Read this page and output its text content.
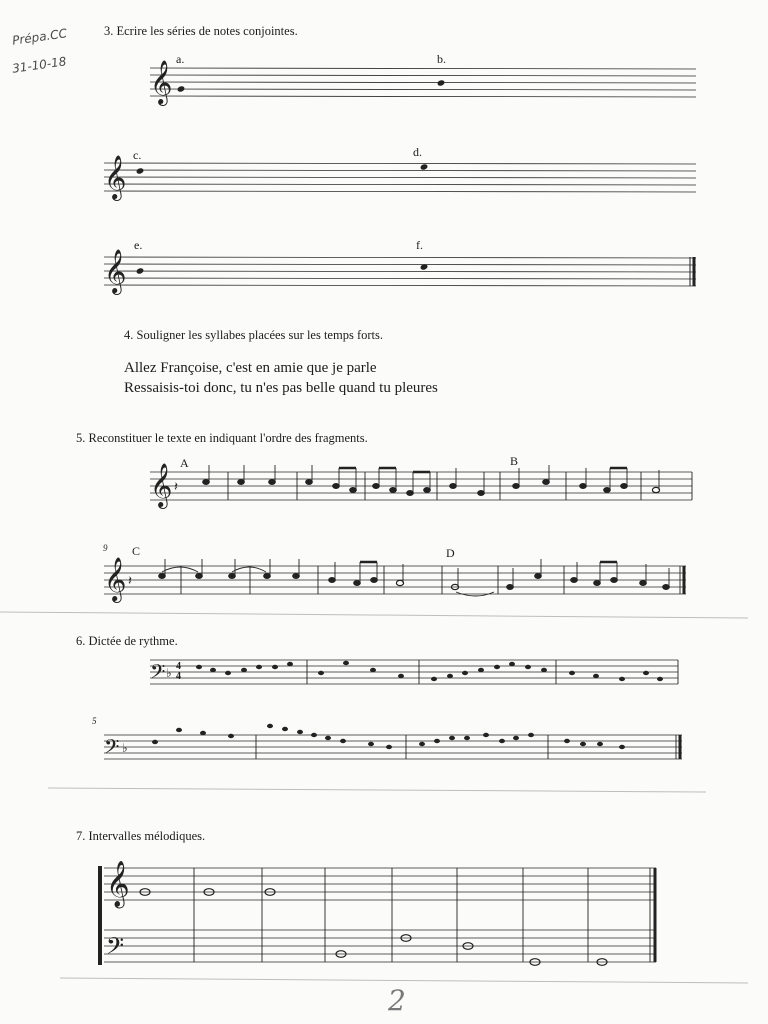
Prépa.CC
31-10-18
3. Ecrire les séries de notes conjointes.
a.	b.
c.	d.
e.	f.
4. Souligner les syllabes placées sur les temps forts.
Allez Françoise, c'est en amie que je parle
Ressaisis-toi donc, tu n'es pas belle quand tu pleures
5. Reconstituer le texte en indiquant l'ordre des fragments.
A	B
9 C	D
6. Dictée de rythme.
4
4
5
7. Intervalles mélodiques.
2
𝄞
𝄞
𝄞
𝄞 𝄽
𝄞 𝄽
𝄢 ♭
𝄢 ♭
𝄞
𝄢
